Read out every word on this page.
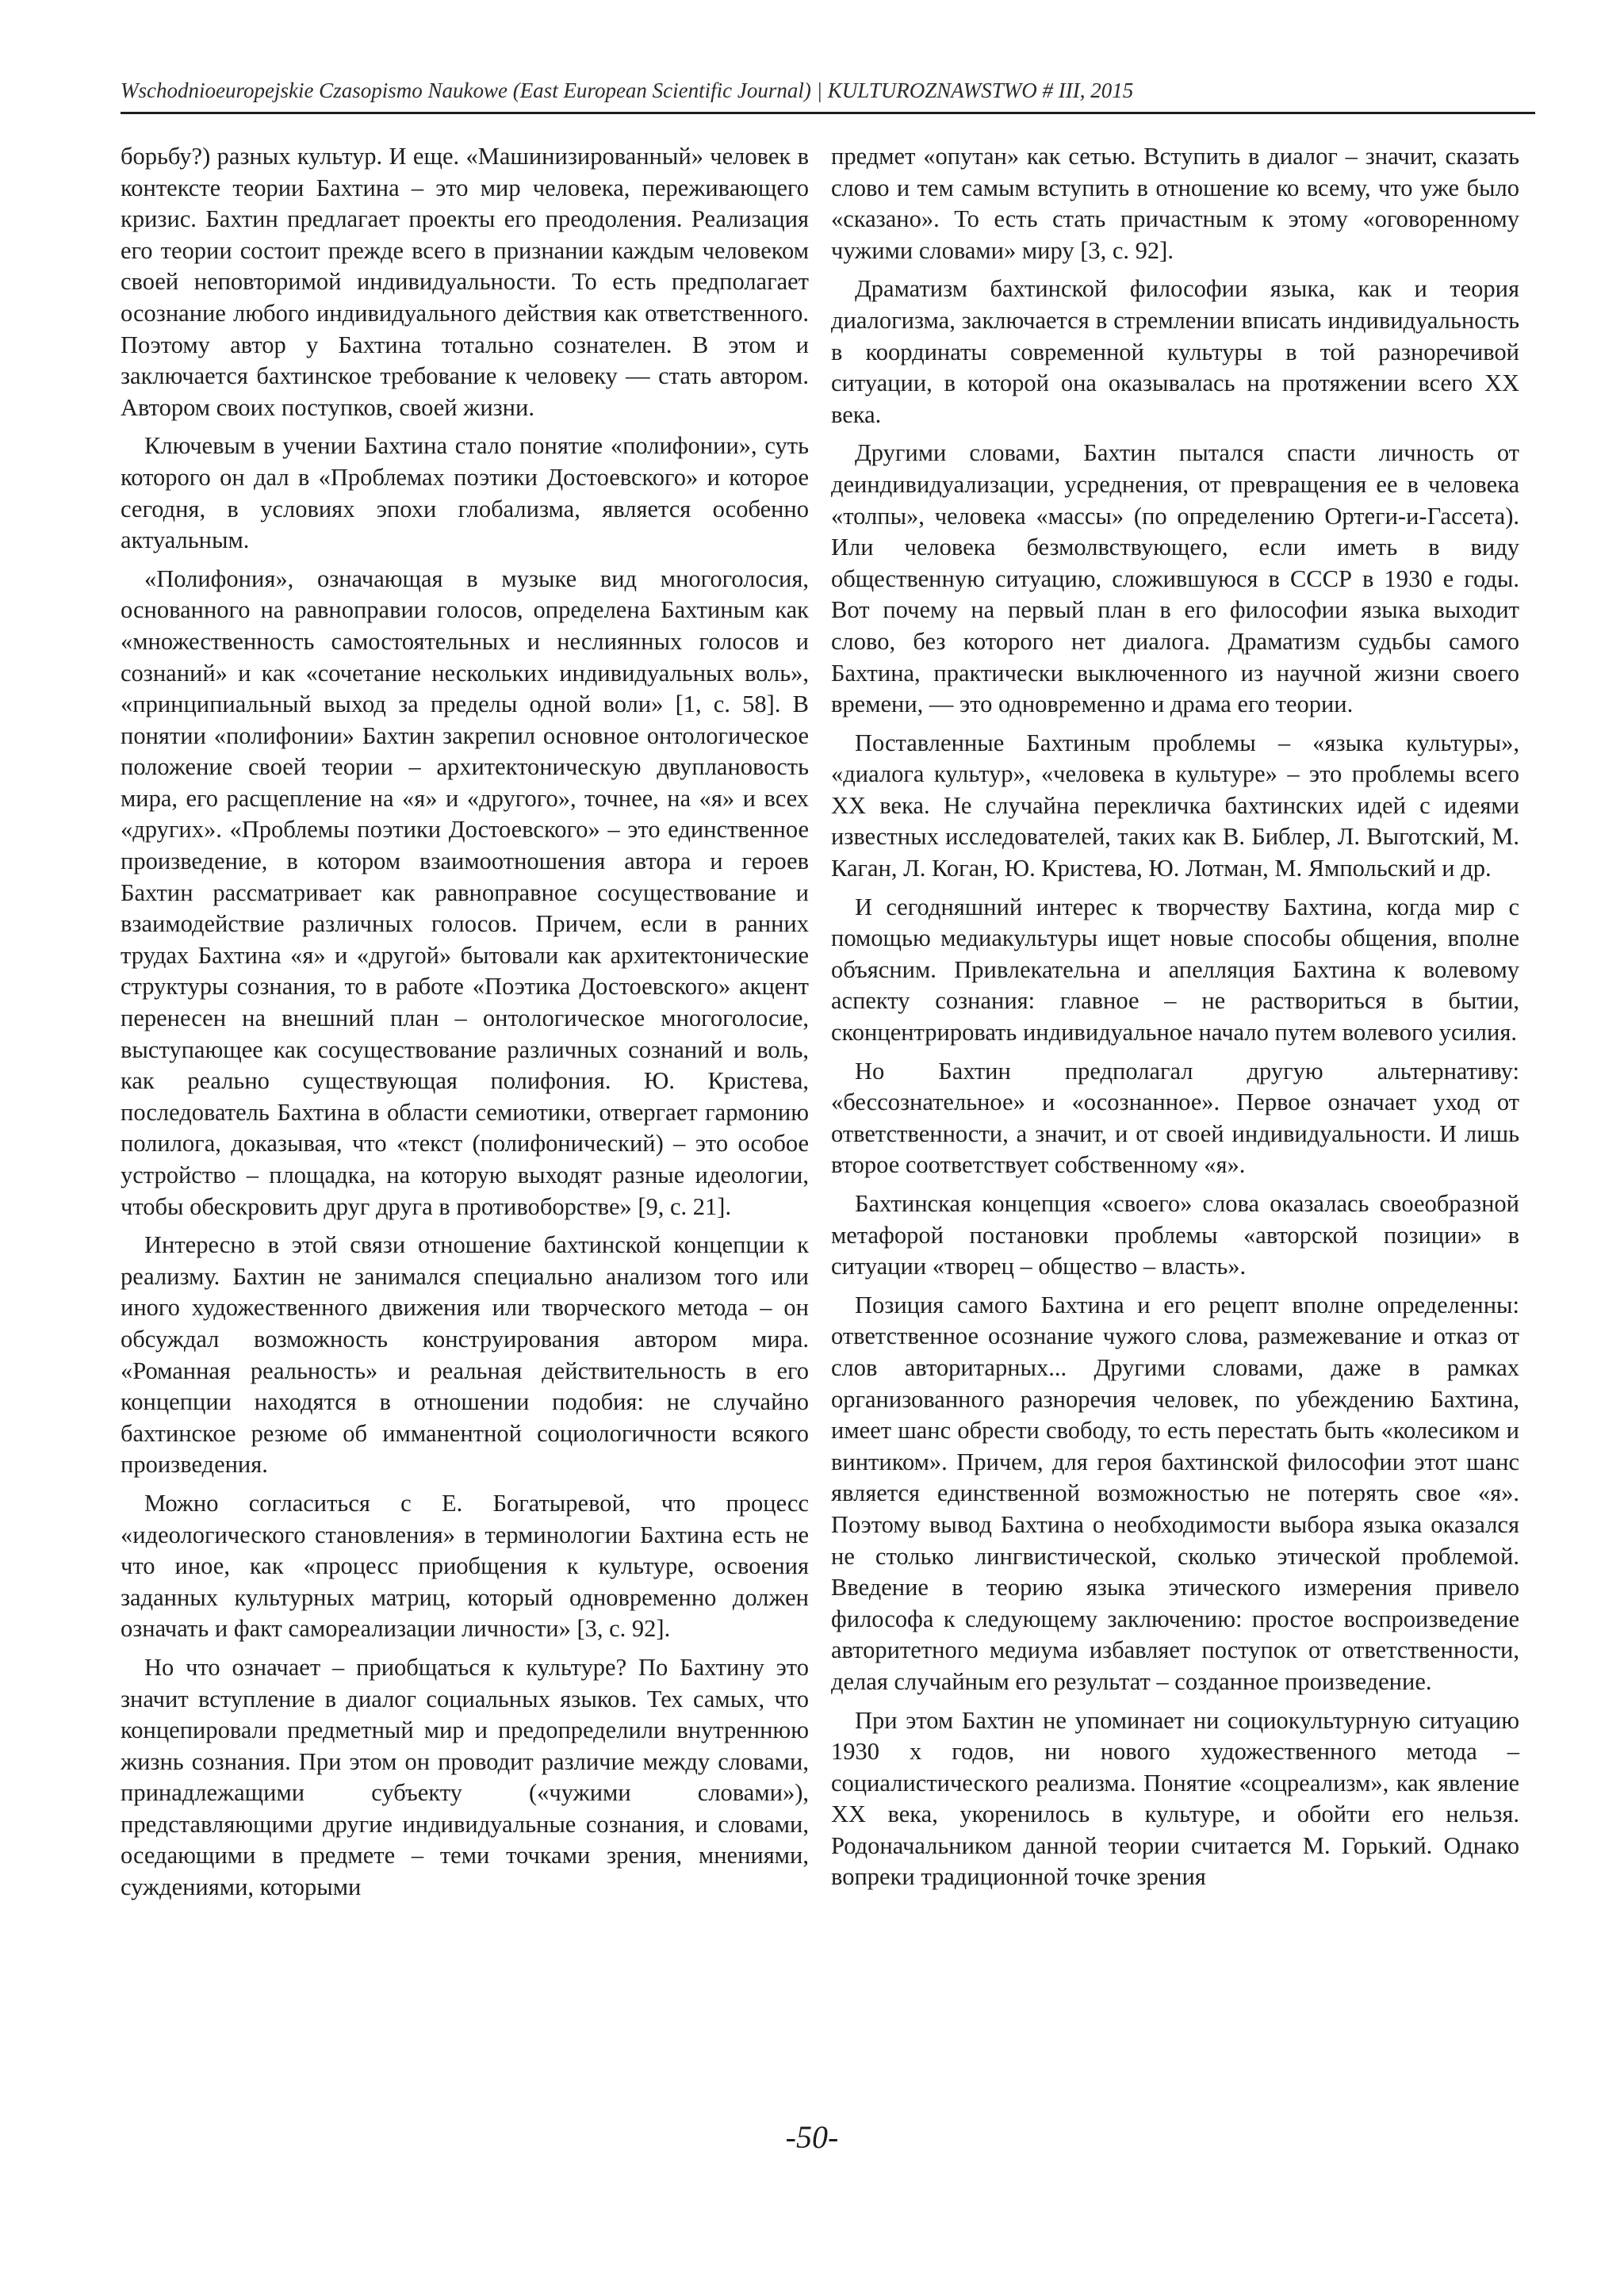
Wschodnioeuropejskie Czasopismo Naukowe (East European Scientific Journal) | KULTUROZNAWSTWO # III, 2015

борьбу?) разных культур. И еще. «Машинизированный» человек в контексте теории Бахтина – это мир человека, переживающего кризис. Бахтин предлагает проекты его преодоления. Реализация его теории состоит прежде всего в признании каждым человеком своей неповторимой индивидуальности. То есть предполагает осознание любого индивидуального действия как ответственного. Поэтому автор у Бахтина тотально сознателен. В этом и заключается бахтинское требование к человеку — стать автором. Автором своих поступков, своей жизни.

Ключевым в учении Бахтина стало понятие «полифонии», суть которого он дал в «Проблемах поэтики Достоевского» и которое сегодня, в условиях эпохи глобализма, является особенно актуальным.

«Полифония», означающая в музыке вид многоголосия, основанного на равноправии голосов, определена Бахтиным как «множественность самостоятельных и неслиянных голосов и сознаний» и как «сочетание нескольких индивидуальных воль», «принципиальный выход за пределы одной воли» [1, с. 58]. В понятии «полифонии» Бахтин закрепил основное онтологическое положение своей теории – архитектоническую двуплановость мира, его расщепление на «я» и «другого», точнее, на «я» и всех «других». «Проблемы поэтики Достоевского» – это единственное произведение, в котором взаимоотношения автора и героев Бахтин рассматривает как равноправное сосуществование и взаимодействие различных голосов. Причем, если в ранних трудах Бахтина «я» и «другой» бытовали как архитектонические структуры сознания, то в работе «Поэтика Достоевского» акцент перенесен на внешний план – онтологическое многоголосие, выступающее как сосуществование различных сознаний и воль, как реально существующая полифония. Ю. Кристева, последователь Бахтина в области семиотики, отвергает гармонию полилога, доказывая, что «текст (полифонический) – это особое устройство – площадка, на которую выходят разные идеологии, чтобы обескровить друг друга в противоборстве» [9, с. 21].

Интересно в этой связи отношение бахтинской концепции к реализму. Бахтин не занимался специально анализом того или иного художественного движения или творческого метода – он обсуждал возможность конструирования автором мира. «Романная реальность» и реальная действительность в его концепции находятся в отношении подобия: не случайно бахтинское резюме об имманентной социологичности всякого произведения.

Можно согласиться с Е. Богатыревой, что процесс «идеологического становления» в терминологии Бахтина есть не что иное, как «процесс приобщения к культуре, освоения заданных культурных матриц, который одновременно должен означать и факт самореализации личности» [3, с. 92].

Но что означает – приобщаться к культуре? По Бахтину это значит вступление в диалог социальных языков. Тех самых, что концепировали предметный мир и предопределили внутреннюю жизнь сознания. При этом он проводит различие между словами, принадлежащими субъекту («чужими словами»), представляющими другие индивидуальные сознания, и словами, оседающими в предмете – теми точками зрения, мнениями, суждениями, которыми

предмет «опутан» как сетью. Вступить в диалог – значит, сказать слово и тем самым вступить в отношение ко всему, что уже было «сказано». То есть стать причастным к этому «оговоренному чужими словами» миру [3, с. 92].

Драматизм бахтинской философии языка, как и теория диалогизма, заключается в стремлении вписать индивидуальность в координаты современной культуры в той разноречивой ситуации, в которой она оказывалась на протяжении всего ХХ века.

Другими словами, Бахтин пытался спасти личность от деиндивидуализации, усреднения, от превращения ее в человека «толпы», человека «массы» (по определению Ортеги-и-Гассета). Или человека безмолвствующего, если иметь в виду общественную ситуацию, сложившуюся в СССР в 1930 е годы. Вот почему на первый план в его философии языка выходит слово, без которого нет диалога. Драматизм судьбы самого Бахтина, практически выключенного из научной жизни своего времени, — это одновременно и драма его теории.

Поставленные Бахтиным проблемы – «языка культуры», «диалога культур», «человека в культуре» – это проблемы всего ХХ века. Не случайна перекличка бахтинских идей с идеями известных исследователей, таких как В. Библер, Л. Выготский, М. Каган, Л. Коган, Ю. Кристева, Ю. Лотман, М. Ямпольский и др.

И сегодняшний интерес к творчеству Бахтина, когда мир с помощью медиакультуры ищет новые способы общения, вполне объясним. Привлекательна и апелляция Бахтина к волевому аспекту сознания: главное – не раствориться в бытии, сконцентрировать индивидуальное начало путем волевого усилия.

Но Бахтин предполагал другую альтернативу: «бессознательное» и «осознанное». Первое означает уход от ответственности, а значит, и от своей индивидуальности. И лишь второе соответствует собственному «я».

Бахтинская концепция «своего» слова оказалась своеобразной метафорой постановки проблемы «авторской позиции» в ситуации «творец – общество – власть».

Позиция самого Бахтина и его рецепт вполне определенны: ответственное осознание чужого слова, размежевание и отказ от слов авторитарных... Другими словами, даже в рамках организованного разноречия человек, по убеждению Бахтина, имеет шанс обрести свободу, то есть перестать быть «колесиком и винтиком». Причем, для героя бахтинской философии этот шанс является единственной возможностью не потерять свое «я». Поэтому вывод Бахтина о необходимости выбора языка оказался не столько лингвистической, сколько этической проблемой. Введение в теорию языка этического измерения привело философа к следующему заключению: простое воспроизведение авторитетного медиума избавляет поступок от ответственности, делая случайным его результат – созданное произведение.

При этом Бахтин не упоминает ни социокультурную ситуацию 1930 х годов, ни нового художественного метода – социалистического реализма. Понятие «соцреализм», как явление ХХ века, укоренилось в культуре, и обойти его нельзя. Родоначальником данной теории считается М. Горький. Однако вопреки традиционной точке зрения

-50-
